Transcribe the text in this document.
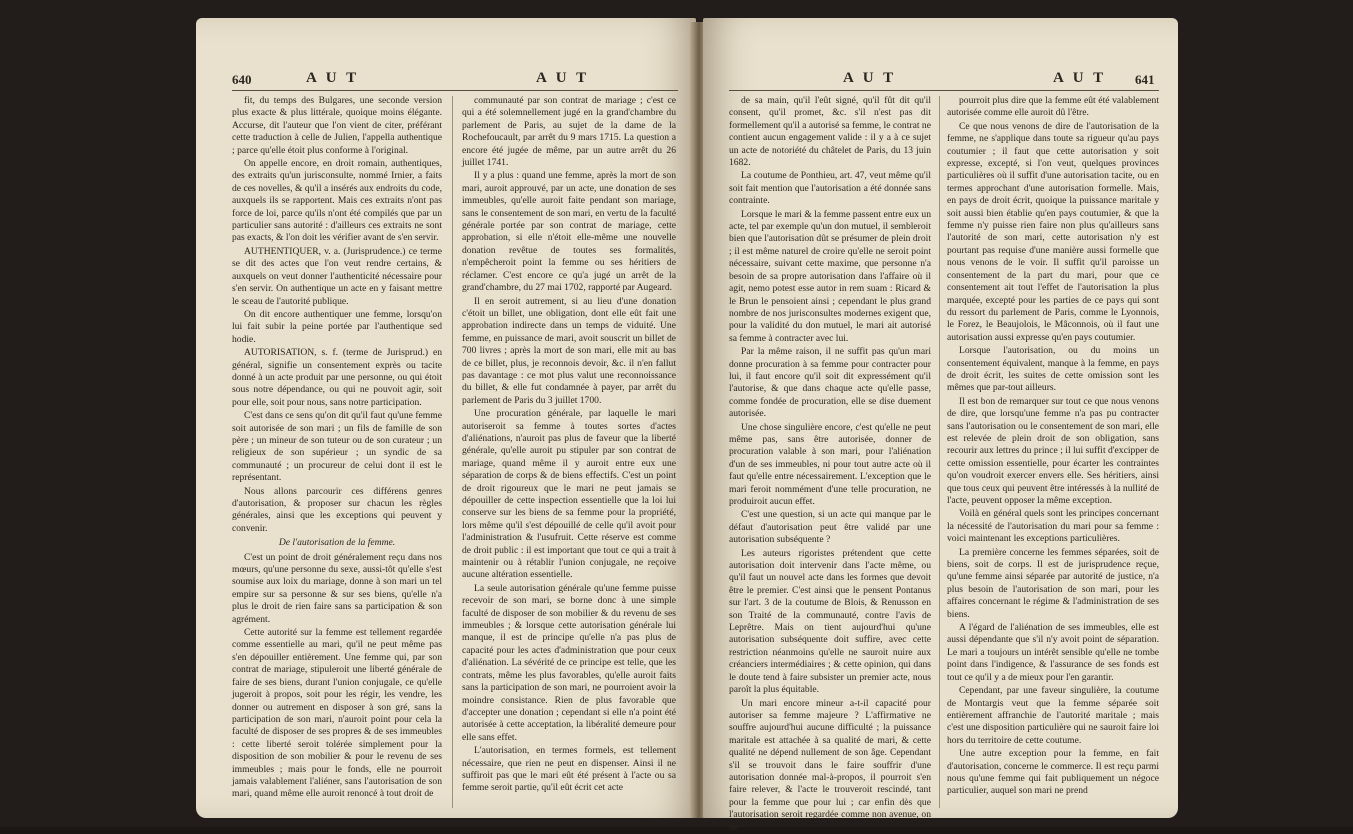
640	A U T	A U T

fit, du temps des Bulgares, une seconde version plus exacte & plus littérale, quoique moins élégante. Accurse, dit l'auteur que l'on vient de citer, préférant cette traduction à celle de Julien, l'appella authentique ; parce qu'elle étoit plus conforme à l'original.

On appelle encore, en droit romain, authentiques, des extraits qu'un jurisconsulte, nommé Irnier, a faits de ces novelles, & qu'il a insérés aux endroits du code, auxquels ils se rapportent. Mais ces extraits n'ont pas force de loi, parce qu'ils n'ont été compilés que par un particulier sans autorité : d'ailleurs ces extraits ne sont pas exacts, & l'on doit les vérifier avant de s'en servir.

AUTHENTIQUER, v. a. (Jurisprudence.) ce terme se dit des actes que l'on veut rendre certains, & auxquels on veut donner l'authenticité nécessaire pour s'en servir. On authentique un acte en y faisant mettre le sceau de l'autorité publique.

On dit encore authentiquer une femme, lorsqu'on lui fait subir la peine portée par l'authentique sed hodie.

AUTORISATION, s. f. (terme de Jurisprud.) en général, signifie un consentement exprès ou tacite donné à un acte produit par une personne, ou qui étoit sous notre dépendance, ou qui ne pouvoit agir, soit pour elle, soit pour nous, sans notre participation.

C'est dans ce sens qu'on dit qu'il faut qu'une femme soit autorisée de son mari ; un fils de famille de son père ; un mineur de son tuteur ou de son curateur ; un religieux de son supérieur ; un syndic de sa communauté ; un procureur de celui dont il est le représentant.

Nous allons parcourir ces différens genres d'autorisation, & proposer sur chacun les règles générales, ainsi que les exceptions qui peuvent y convenir.

De l'autorisation de la femme.

C'est un point de droit généralement reçu dans nos mœurs, qu'une personne du sexe, aussi-tôt qu'elle s'est soumise aux loix du mariage, donne à son mari un tel empire sur sa personne & sur ses biens, qu'elle n'a plus le droit de rien faire sans sa participation & son agrément.

Cette autorité sur la femme est tellement regardée comme essentielle au mari, qu'il ne peut même pas s'en dépouiller entièrement. Une femme qui, par son contrat de mariage, stipuleroit une liberté générale de faire de ses biens, durant l'union conjugale, ce qu'elle jugeroit à propos, soit pour les régir, les vendre, les donner ou autrement en disposer à son gré, sans la participation de son mari, n'auroit point pour cela la faculté de disposer de ses propres & de ses immeubles : cette liberté seroit tolérée simplement pour la disposition de son mobilier & pour le revenu de ses immeubles ; mais pour le fonds, elle ne pourroit jamais valablement l'aliéner, sans l'autorisation de son mari, quand même elle auroit renoncé à tout droit de

communauté par son contrat de mariage ; c'est ce qui a été solemnellement jugé en la grand'chambre du parlement de Paris, au sujet de la dame de la Rochefoucault, par arrêt du 9 mars 1715. La question a encore été jugée de même, par un autre arrêt du 26 juillet 1741.

Il y a plus : quand une femme, après la mort de son mari, auroit approuvé, par un acte, une donation de ses immeubles, qu'elle auroit faite pendant son mariage, sans le consentement de son mari, en vertu de la faculté générale portée par son contrat de mariage, cette approbation, si elle n'étoit elle-même une nouvelle donation revêtue de toutes ses formalités, n'empêcheroit point la femme ou ses héritiers de réclamer. C'est encore ce qu'a jugé un arrêt de la grand'chambre, du 27 mai 1702, rapporté par Augeard.

Il en seroit autrement, si au lieu d'une donation c'étoit un billet, une obligation, dont elle eût fait une approbation indirecte dans un temps de viduité. Une femme, en puissance de mari, avoit souscrit un billet de 700 livres ; après la mort de son mari, elle mit au bas de ce billet, plus, je reconnois devoir, &c. il n'en fallut pas davantage : ce mot plus valut une reconnoissance du billet, & elle fut condamnée à payer, par arrêt du parlement de Paris du 3 juillet 1700.

Une procuration générale, par laquelle le mari autoriseroit sa femme à toutes sortes d'actes d'aliénations, n'auroit pas plus de faveur que la liberté générale, qu'elle auroit pu stipuler par son contrat de mariage, quand même il y auroit entre eux une séparation de corps & de biens effectifs. C'est un point de droit rigoureux que le mari ne peut jamais se dépouiller de cette inspection essentielle que la loi lui conserve sur les biens de sa femme pour la propriété, lors même qu'il s'est dépouillé de celle qu'il avoit pour l'administration & l'usufruit. Cette réserve est comme de droit public : il est important que tout ce qui a trait à maintenir ou à rétablir l'union conjugale, ne reçoive aucune altération essentielle.

La seule autorisation générale qu'une femme puisse recevoir de son mari, se borne donc à une simple faculté de disposer de son mobilier & du revenu de ses immeubles ; & lorsque cette autorisation générale lui manque, il est de principe qu'elle n'a pas plus de capacité pour les actes d'administration que pour ceux d'aliénation. La sévérité de ce principe est telle, que les contrats, même les plus favorables, qu'elle auroit faits sans la participation de son mari, ne pourroient avoir la moindre consistance. Rien de plus favorable que d'accepter une donation ; cependant si elle n'a point été autorisée à cette acceptation, la libéralité demeure pour elle sans effet.

L'autorisation, en termes formels, est tellement nécessaire, que rien ne peut en dispenser. Ainsi il ne suffiroit pas que le mari eût été présent à l'acte ou sa femme seroit partie, qu'il eût écrit cet acte

A U T	A U T 641

de sa main, qu'il l'eût signé, qu'il fût dit qu'il consent, qu'il promet, &c. s'il n'est pas dit formellement qu'il a autorisé sa femme, le contrat ne contient aucun engagement valide : il y a à ce sujet un acte de notoriété du châtelet de Paris, du 13 juin 1682.

La coutume de Ponthieu, art. 47, veut même qu'il soit fait mention que l'autorisation a été donnée sans contrainte.

Lorsque le mari & la femme passent entre eux un acte, tel par exemple qu'un don mutuel, il sembleroit bien que l'autorisation dût se présumer de plein droit ; il est même naturel de croire qu'elle ne seroit point nécessaire, suivant cette maxime, que personne n'a besoin de sa propre autorisation dans l'affaire où il agit, nemo potest esse autor in rem suam : Ricard & le Brun le pensoient ainsi ; cependant le plus grand nombre de nos jurisconsultes modernes exigent que, pour la validité du don mutuel, le mari ait autorisé sa femme à contracter avec lui.

Par la même raison, il ne suffit pas qu'un mari donne procuration à sa femme pour contracter pour lui, il faut encore qu'il soit dit expressément qu'il l'autorise, & que dans chaque acte qu'elle passe, comme fondée de procuration, elle se dise duement autorisée.

Une chose singulière encore, c'est qu'elle ne peut même pas, sans être autorisée, donner de procuration valable à son mari, pour l'aliénation d'un de ses immeubles, ni pour tout autre acte où il faut qu'elle entre nécessairement. L'exception que le mari feroit nommément d'une telle procuration, ne produiroit aucun effet.

C'est une question, si un acte qui manque par le défaut d'autorisation peut être validé par une autorisation subséquente ?

Les auteurs rigoristes prétendent que cette autorisation doit intervenir dans l'acte même, ou qu'il faut un nouvel acte dans les formes que devoit être le premier. C'est ainsi que le pensent Pontanus sur l'art. 3 de la coutume de Blois, & Renusson en son Traité de la communauté, contre l'avis de Leprêtre. Mais on tient aujourd'hui qu'une autorisation subséquente doit suffire, avec cette restriction néanmoins qu'elle ne sauroit nuire aux créanciers intermédiaires ; & cette opinion, qui dans le doute tend à faire subsister un premier acte, nous paroît la plus équitable.

Un mari encore mineur a-t-il capacité pour autoriser sa femme majeure ? L'affirmative ne souffre aujourd'hui aucune difficulté ; la puissance maritale est attachée à sa qualité de mari, & cette qualité ne dépend nullement de son âge. Cependant s'il se trouvoit dans le faire souffrir d'une autorisation donnée mal-à-propos, il pourroit s'en faire relever, & l'acte le trouveroit rescindé, tant pour la femme que pour lui ; car enfin dès que l'autorisation seroit regardée comme non avenue, on ne

pourroit plus dire que la femme eût été valablement autorisée comme elle auroit dû l'être.

Ce que nous venons de dire de l'autorisation de la femme, ne s'applique dans toute sa rigueur qu'au pays coutumier ; il faut que cette autorisation y soit expresse, excepté, si l'on veut, quelques provinces particulières où il suffit d'une autorisation tacite, ou en termes approchant d'une autorisation formelle. Mais, en pays de droit écrit, quoique la puissance maritale y soit aussi bien établie qu'en pays coutumier, & que la femme n'y puisse rien faire non plus qu'ailleurs sans l'autorité de son mari, cette autorisation n'y est pourtant pas requise d'une manière aussi formelle que nous venons de le voir. Il suffit qu'il paroisse un consentement de la part du mari, pour que ce consentement ait tout l'effet de l'autorisation la plus marquée, excepté pour les parties de ce pays qui sont du ressort du parlement de Paris, comme le Lyonnois, le Forez, le Beaujolois, le Mâconnois, où il faut une autorisation aussi expresse qu'en pays coutumier.

Lorsque l'autorisation, ou du moins un consentement équivalent, manque à la femme, en pays de droit écrit, les suites de cette omission sont les mêmes que par-tout ailleurs.

Il est bon de remarquer sur tout ce que nous venons de dire, que lorsqu'une femme n'a pas pu contracter sans l'autorisation ou le consentement de son mari, elle est relevée de plein droit de son obligation, sans recourir aux lettres du prince ; il lui suffit d'excipper de cette omission essentielle, pour écarter les contraintes qu'on voudroit exercer envers elle. Ses héritiers, ainsi que tous ceux qui peuvent être intéressés à la nullité de l'acte, peuvent opposer la même exception.

Voilà en général quels sont les principes concernant la nécessité de l'autorisation du mari pour sa femme : voici maintenant les exceptions particulières.

La première concerne les femmes séparées, soit de biens, soit de corps. Il est de jurisprudence reçue, qu'une femme ainsi séparée par autorité de justice, n'a plus besoin de l'autorisation de son mari, pour les affaires concernant le régime & l'administration de ses biens.

A l'égard de l'aliénation de ses immeubles, elle est aussi dépendante que s'il n'y avoit point de séparation. Le mari a toujours un intérêt sensible qu'elle ne tombe point dans l'indigence, & l'assurance de ses fonds est tout ce qu'il y a de mieux pour l'en garantir.

Cependant, par une faveur singulière, la coutume de Montargis veut que la femme séparée soit entièrement affranchie de l'autorité maritale ; mais c'est une disposition particulière qui ne sauroit faire loi hors du territoire de cette coutume.

Une autre exception pour la femme, en fait d'autorisation, concerne le commerce. Il est reçu parmi nous qu'une femme qui fait publiquement un négoce particulier, auquel son mari ne prend
